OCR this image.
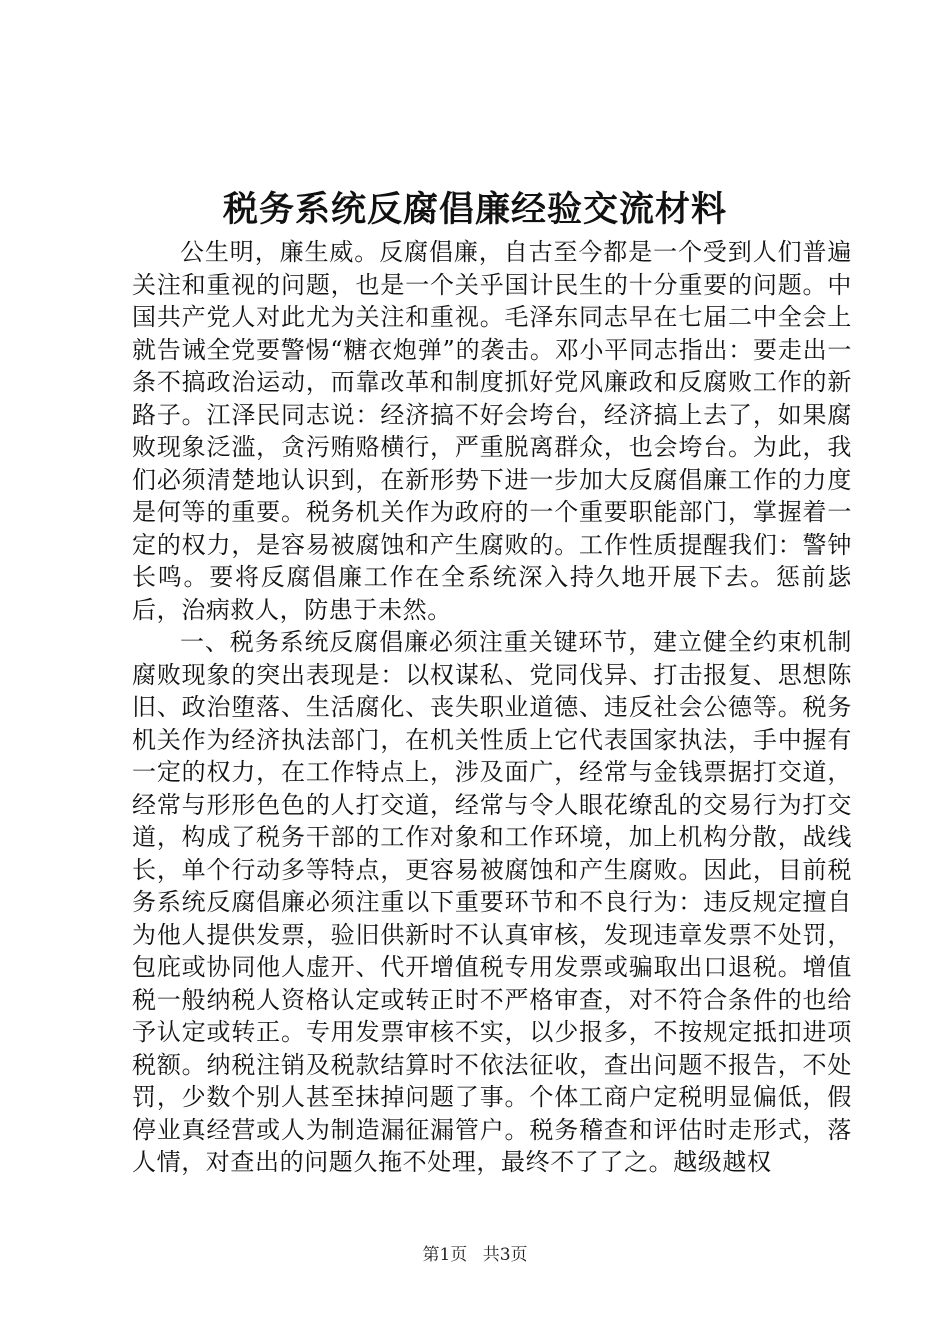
税务系统反腐倡廉经验交流材料

公生明，廉生威。反腐倡廉，自古至今都是一个受到人们普遍关注和重视的问题，也是一个关乎国计民生的十分重要的问题。中国共产党人对此尤为关注和重视。毛泽东同志早在七届二中全会上就告诫全党要警惕“糖衣炮弹”的袭击。邓小平同志指出：要走出一条不搞政治运动，而靠改革和制度抓好党风廉政和反腐败工作的新路子。江泽民同志说：经济搞不好会垮台，经济搞上去了，如果腐败现象泛滥，贪污贿赂横行，严重脱离群众，也会垮台。为此，我们必须清楚地认识到，在新形势下进一步加大反腐倡廉工作的力度是何等的重要。税务机关作为政府的一个重要职能部门，掌握着一定的权力，是容易被腐蚀和产生腐败的。工作性质提醒我们：警钟长鸣。要将反腐倡廉工作在全系统深入持久地开展下去。惩前毖后，治病救人，防患于未然。

一、税务系统反腐倡廉必须注重关键环节，建立健全约束机制腐败现象的突出表现是：以权谋私、党同伐异、打击报复、思想陈旧、政治堕落、生活腐化、丧失职业道德、违反社会公德等。税务机关作为经济执法部门，在机关性质上它代表国家执法，手中握有一定的权力，在工作特点上，涉及面广，经常与金钱票据打交道，经常与形形色色的人打交道，经常与令人眼花缭乱的交易行为打交道，构成了税务干部的工作对象和工作环境，加上机构分散，战线长，单个行动多等特点，更容易被腐蚀和产生腐败。因此，目前税务系统反腐倡廉必须注重以下重要环节和不良行为：违反规定擅自为他人提供发票，验旧供新时不认真审核，发现违章发票不处罚，包庇或协同他人虚开、代开增值税专用发票或骗取出口退税。增值税一般纳税人资格认定或转正时不严格审查，对不符合条件的也给予认定或转正。专用发票审核不实，以少报多，不按规定抵扣进项税额。纳税注销及税款结算时不依法征收，查出问题不报告，不处罚，少数个别人甚至抹掉问题了事。个体工商户定税明显偏低，假停业真经营或人为制造漏征漏管户。税务稽查和评估时走形式，落人情，对查出的问题久拖不处理，最终不了了之。越级越权

第1页 共3页
